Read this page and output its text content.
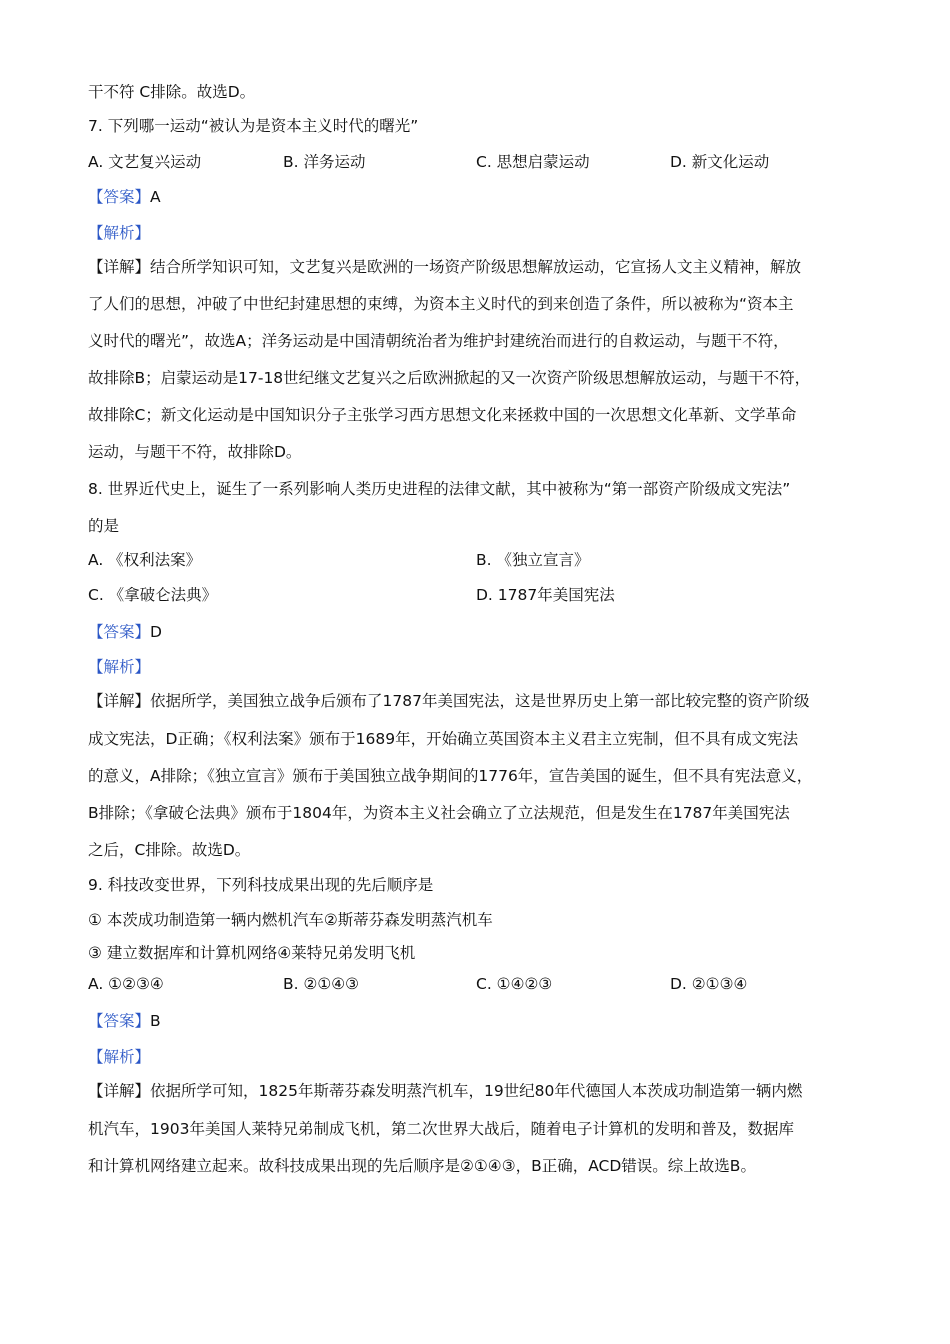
干不符 C排除。故选D。
7. 下列哪一运动“被认为是资本主义时代的曙光”
A. 文艺复兴运动	B. 洋务运动	C. 思想启蒙运动	D. 新文化运动
【答案】A
【解析】
【详解】结合所学知识可知，文艺复兴是欧洲的一场资产阶级思想解放运动，它宣扬人文主义精神，解放
了人们的思想，冲破了中世纪封建思想的束缚，为资本主义时代的到来创造了条件，所以被称为“资本主
义时代的曙光”，故选A；洋务运动是中国清朝统治者为维护封建统治而进行的自救运动，与题干不符，
故排除B；启蒙运动是17-18世纪继文艺复兴之后欧洲掀起的又一次资产阶级思想解放运动，与题干不符，
故排除C；新文化运动是中国知识分子主张学习西方思想文化来拯救中国的一次思想文化革新、文学革命
运动，与题干不符，故排除D。
8. 世界近代史上，诞生了一系列影响人类历史进程的法律文献，其中被称为“第一部资产阶级成文宪法”
的是
A. 《权利法案》	B. 《独立宣言》
C. 《拿破仑法典》	D. 1787年美国宪法
【答案】D
【解析】
【详解】依据所学，美国独立战争后颁布了1787年美国宪法，这是世界历史上第一部比较完整的资产阶级
成文宪法，D正确；《权利法案》颁布于1689年，开始确立英国资本主义君主立宪制，但不具有成文宪法
的意义，A排除；《独立宣言》颁布于美国独立战争期间的1776年，宣告美国的诞生，但不具有宪法意义，
B排除；《拿破仑法典》颁布于1804年，为资本主义社会确立了立法规范，但是发生在1787年美国宪法
之后，C排除。故选D。
9. 科技改变世界，下列科技成果出现的先后顺序是
① 本茨成功制造第一辆内燃机汽车②斯蒂芬森发明蒸汽机车
③ 建立数据库和计算机网络④莱特兄弟发明飞机
A. ①②③④	B. ②①④③	C. ①④②③	D. ②①③④
【答案】B
【解析】
【详解】依据所学可知，1825年斯蒂芬森发明蒸汽机车，19世纪80年代德国人本茨成功制造第一辆内燃
机汽车，1903年美国人莱特兄弟制成飞机，第二次世界大战后，随着电子计算机的发明和普及，数据库
和计算机网络建立起来。故科技成果出现的先后顺序是②①④③，B正确，ACD错误。综上故选B。
